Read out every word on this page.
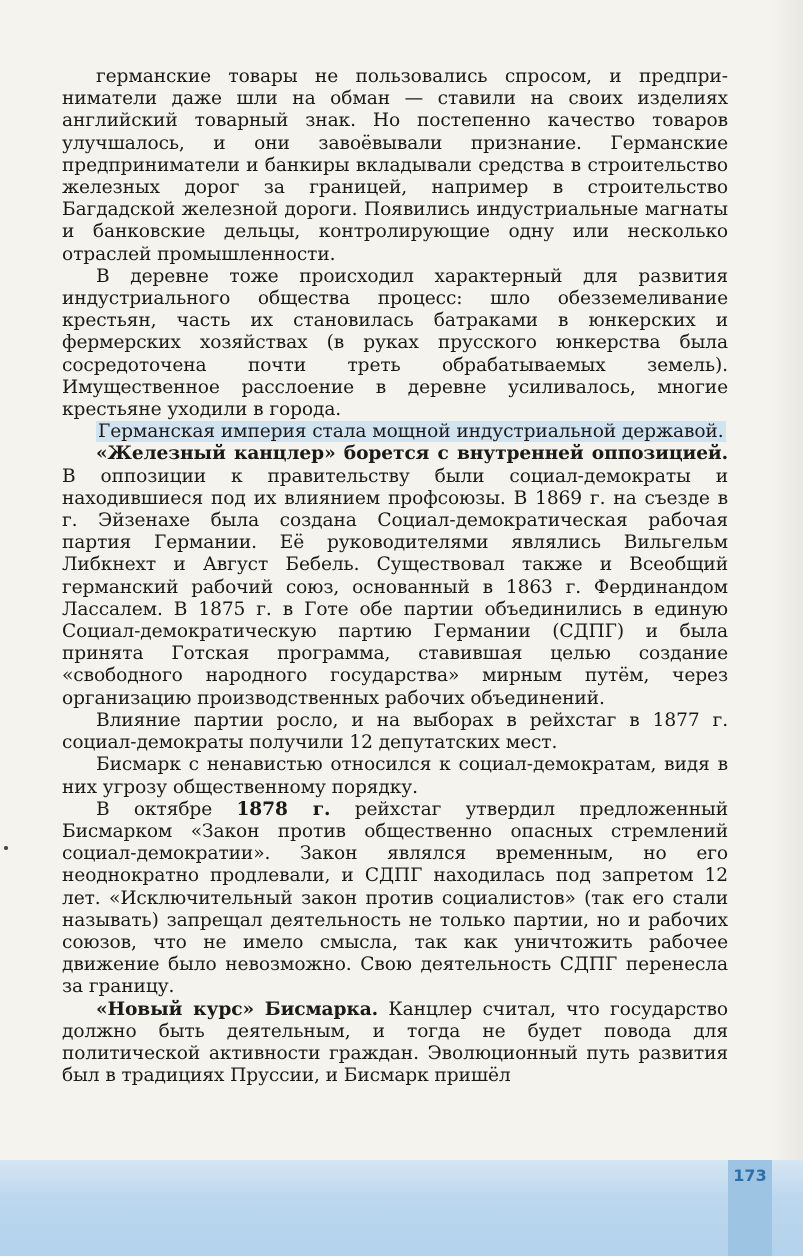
германские товары не пользовались спросом, и предприниматели даже шли на обман — ставили на своих изделиях английский товарный знак. Но постепенно качество товаров улучшалось, и они завоёвывали признание. Германские предприниматели и банкиры вкладывали средства в строительство железных дорог за границей, например в строительство Багдадской железной дороги. Появились индустриальные магнаты и банковские дельцы, контролирующие одну или несколько отраслей промышленности.

В деревне тоже происходил характерный для развития индустриального общества процесс: шло обезземеливание крестьян, часть их становилась батраками в юнкерских и фермерских хозяйствах (в руках прусского юнкерства была сосредоточена почти треть обрабатываемых земель). Имущественное расслоение в деревне усиливалось, многие крестьяне уходили в города.

Германская империя стала мощной индустриальной державой.

«Железный канцлер» борется с внутренней оппозицией. В оппозиции к правительству были социал-демократы и находившиеся под их влиянием профсоюзы. В 1869 г. на съезде в г. Эйзенахе была создана Социал-демократическая рабочая партия Германии. Её руководителями являлись Вильгельм Либкнехт и Август Бебель. Существовал также и Всеобщий германский рабочий союз, основанный в 1863 г. Фердинандом Лассалем. В 1875 г. в Готе обе партии объединились в единую Социал-демократическую партию Германии (СДПГ) и была принята Готская программа, ставившая целью создание «свободного народного государства» мирным путём, через организацию производственных рабочих объединений.

Влияние партии росло, и на выборах в рейхстаг в 1877 г. социал-демократы получили 12 депутатских мест.

Бисмарк с ненавистью относился к социал-демократам, видя в них угрозу общественному порядку.

В октябре 1878 г. рейхстаг утвердил предложенный Бисмарком «Закон против общественно опасных стремлений социал-демократии». Закон являлся временным, но его неоднократно продлевали, и СДПГ находилась под запретом 12 лет. «Исключительный закон против социалистов» (так его стали называть) запрещал деятельность не только партии, но и рабочих союзов, что не имело смысла, так как уничтожить рабочее движение было невозможно. Свою деятельность СДПГ перенесла за границу.

«Новый курс» Бисмарка. Канцлер считал, что государство должно быть деятельным, и тогда не будет повода для политической активности граждан. Эволюционный путь развития был в традициях Пруссии, и Бисмарк пришёл

173
